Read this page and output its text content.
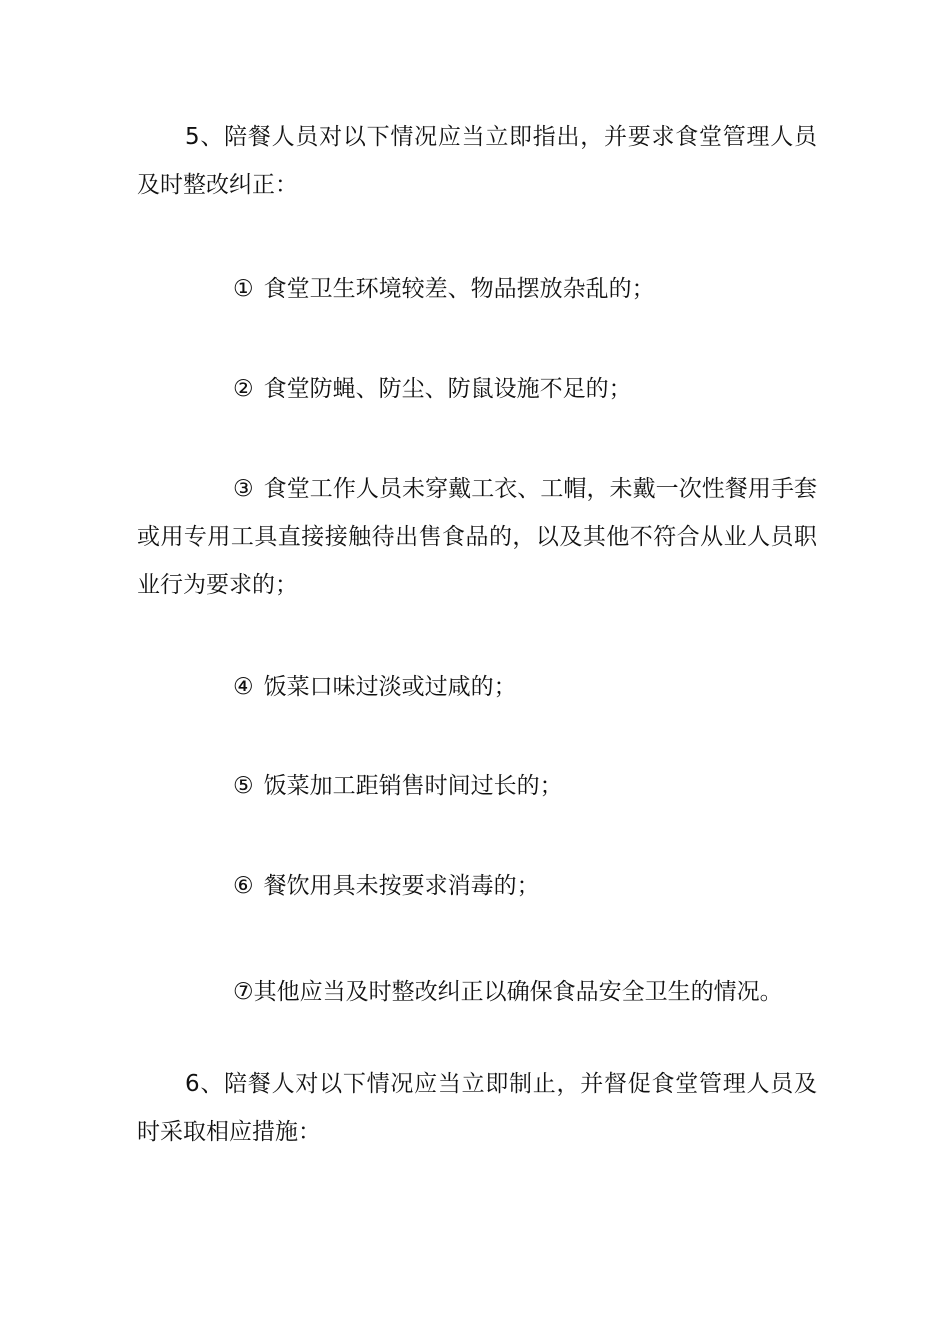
5、陪餐人员对以下情况应当立即指出，并要求食堂管理人员及时整改纠正：

① 食堂卫生环境较差、物品摆放杂乱的；

② 食堂防蝇、防尘、防鼠设施不足的；

③ 食堂工作人员未穿戴工衣、工帽，未戴一次性餐用手套或用专用工具直接接触待出售食品的，以及其他不符合从业人员职业行为要求的；

④ 饭菜口味过淡或过咸的；

⑤ 饭菜加工距销售时间过长的；

⑥ 餐饮用具未按要求消毒的；

⑦其他应当及时整改纠正以确保食品安全卫生的情况。

6、陪餐人对以下情况应当立即制止，并督促食堂管理人员及时采取相应措施：
